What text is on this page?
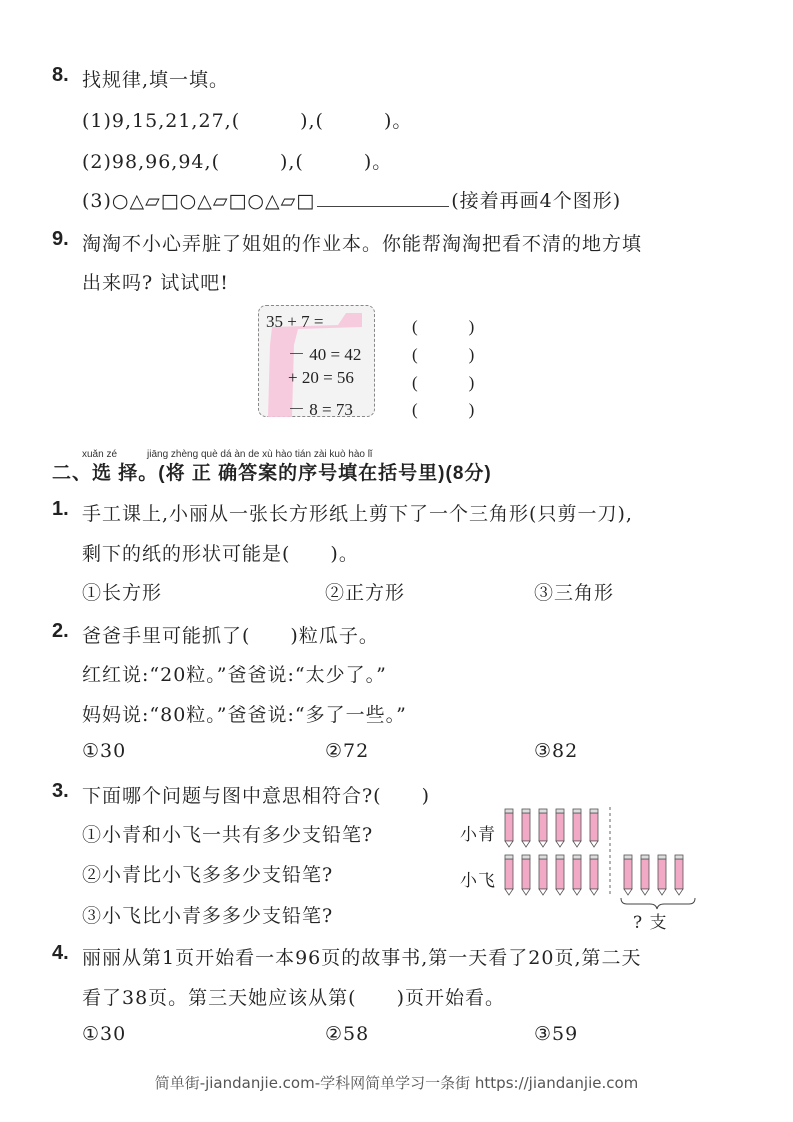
8. 找规律,填一填。
(1)9,15,21,27,(　　　),(　　　)。
(2)98,96,94,(　　　),(　　　)。
(3)○△▱□○△▱□○△▱□	(接着再画4个图形)
9. 淘淘不小心弄脏了姐姐的作业本。你能帮淘淘把看不清的地方填
出来吗? 试试吧!
35 + 7 =
－ 40 = 42
+ 20 = 56
－ 8 = 73
(　　　)
(　　　)
(　　　)
(　　　)
xuǎn zé　　　jiāng zhèng què dá àn de xù hào tián zài kuò hào lǐ
二、选 择。(将 正 确答案的序号填在括号里)(8分)
1. 手工课上,小丽从一张长方形纸上剪下了一个三角形(只剪一刀),
剩下的纸的形状可能是(　　)。
①长方形	②正方形	③三角形
2. 爸爸手里可能抓了(　　)粒瓜子。
红红说:“20粒。”爸爸说:“太少了。”
妈妈说:“80粒。”爸爸说:“多了一些。”
①30	②72	③82
3. 下面哪个问题与图中意思相符合?(　　)
①小青和小飞一共有多少支铅笔?
②小青比小飞多多少支铅笔?
③小飞比小青多多少支铅笔?
小青
小飞
? 支
4. 丽丽从第1页开始看一本96页的故事书,第一天看了20页,第二天
看了38页。第三天她应该从第(　　)页开始看。
①30	②58	③59
简单街-jiandanjie.com-学科网简单学习一条街 https://jiandanjie.com
